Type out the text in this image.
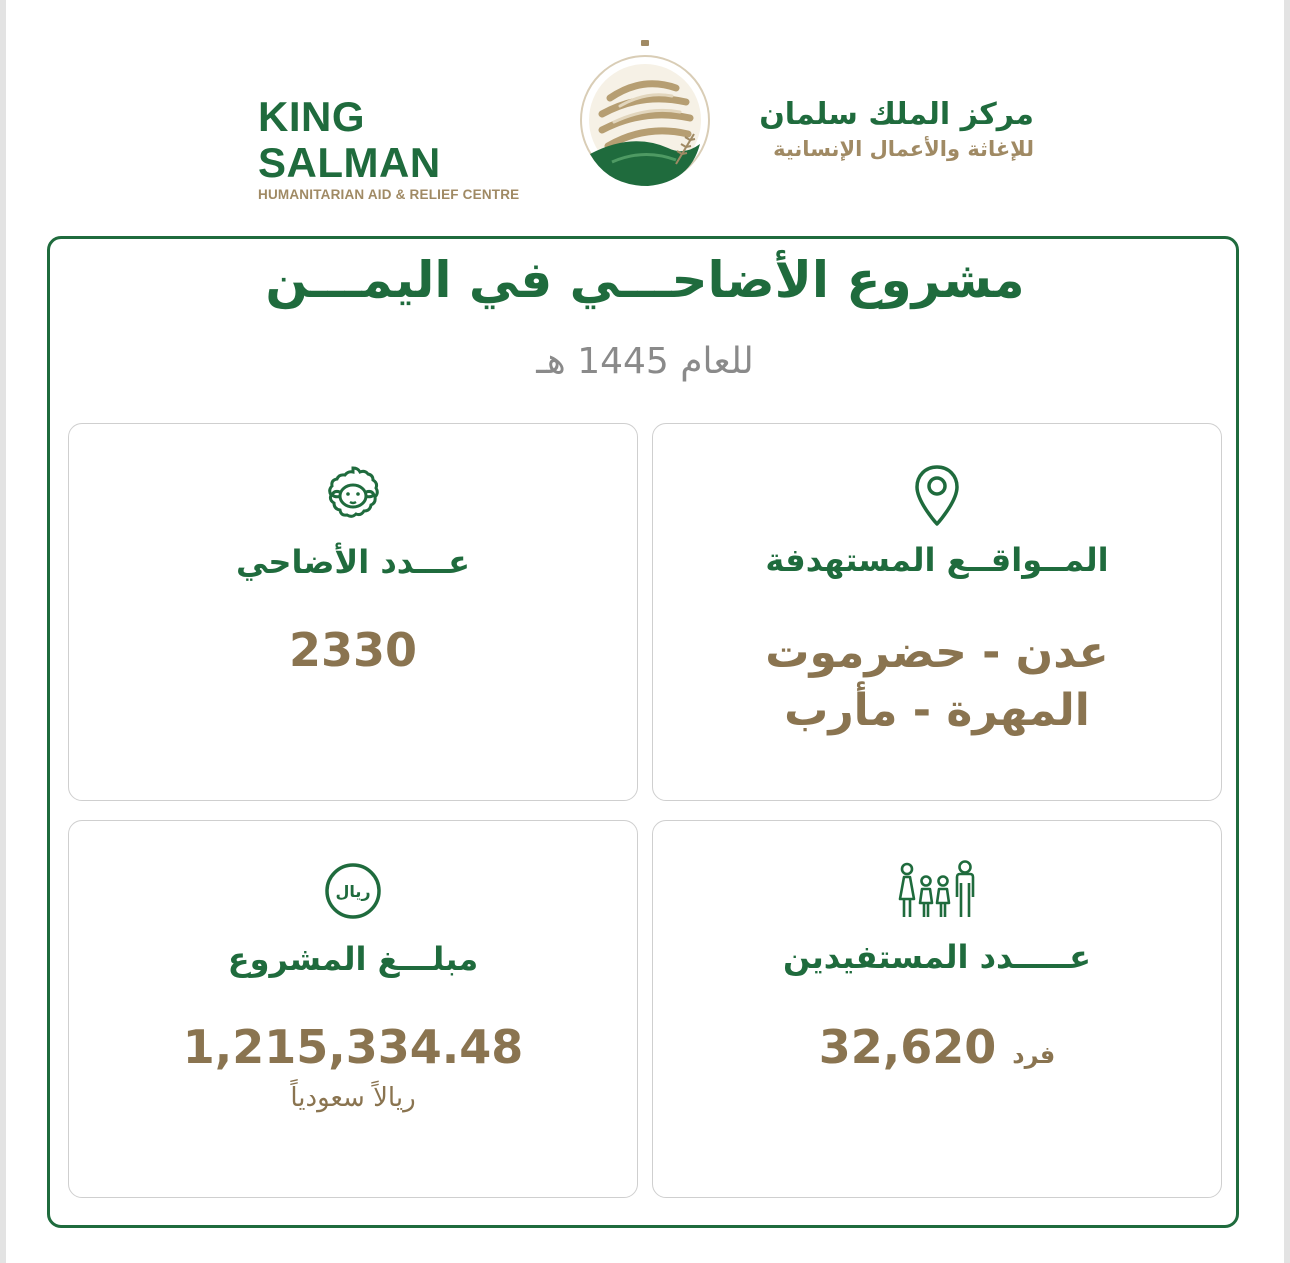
KING SALMAN
HUMANITARIAN AID & RELIEF CENTRE
مركز الملك سلمان
للإغاثة والأعمال الإنسانية
مشروع الأضاحـــي في اليمـــن
للعام 1445 هـ
المــواقــع المستهدفة
عدن - حضرموت
المهرة - مأرب
عـــدد الأضاحي
2330
عـــــدد المستفيدين
فرد 32,620
ريال
مبلـــغ المشروع
1,215,334.48
ريالاً سعودياً
